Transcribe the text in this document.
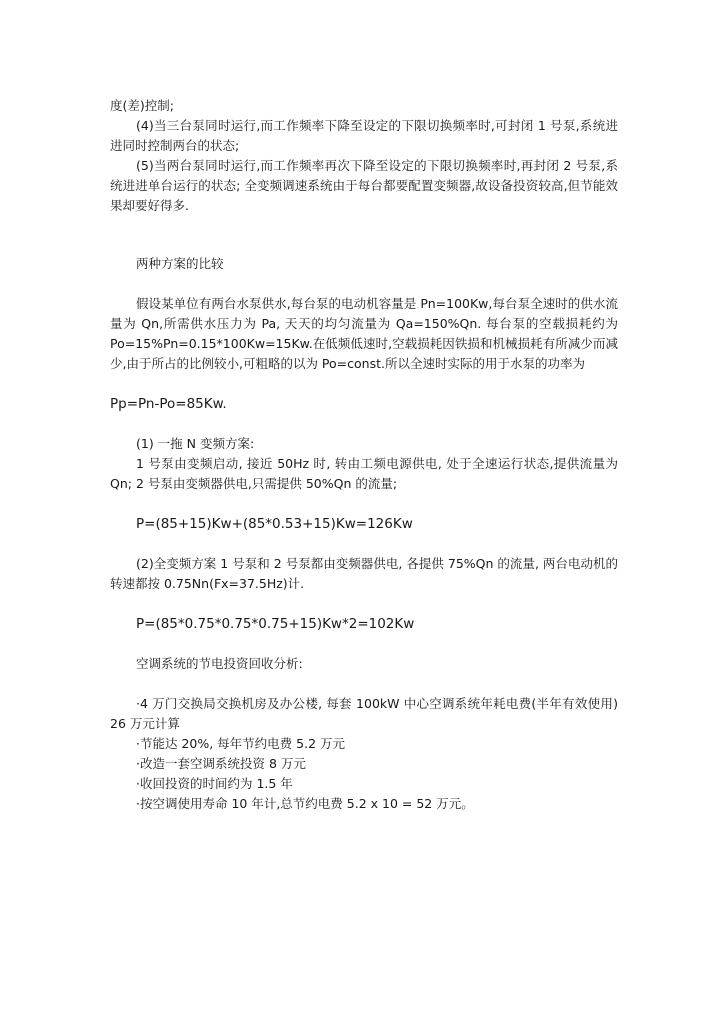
度(差)控制;

(4)当三台泵同时运行,而工作频率下降至设定的下限切换频率时,可封闭 1 号泵,系统进进同时控制两台的状态;

(5)当两台泵同时运行,而工作频率再次下降至设定的下限切换频率时,再封闭 2 号泵,系统进进单台运行的状态; 全变频调速系统由于每台都要配置变频器,故设备投资较高,但节能效果却要好得多.

两种方案的比较

假设某单位有两台水泵供水,每台泵的电动机容量是 Pn=100Kw,每台泵全速时的供水流量为 Qn,所需供水压力为 Pa, 天天的均匀流量为 Qa=150%Qn. 每台泵的空载损耗约为 Po=15%Pn=0.15*100Kw=15Kw.在低频低速时,空载损耗因铁损和机械损耗有所减少而减少,由于所占的比例较小,可粗略的以为 Po=const.所以全速时实际的用于水泵的功率为

Pp=Pn-Po=85Kw.

(1) 一拖 N 变频方案:

1 号泵由变频启动, 接近 50Hz 时, 转由工频电源供电, 处于全速运行状态,提供流量为 Qn; 2 号泵由变频器供电,只需提供 50%Qn 的流量;

P=(85+15)Kw+(85*0.53+15)Kw=126Kw

(2)全变频方案 1 号泵和 2 号泵都由变频器供电, 各提供 75%Qn 的流量, 两台电动机的转速都按 0.75Nn(Fx=37.5Hz)计.

P=(85*0.75*0.75*0.75+15)Kw*2=102Kw

空调系统的节电投资回收分析:

·4 万门交换局交换机房及办公楼, 每套 100kW 中心空调系统年耗电费(半年有效使用) 26 万元计算

·节能达 20%, 每年节约电费 5.2 万元

·改造一套空调系统投资 8 万元

·收回投资的时间约为 1.5 年

·按空调使用寿命 10 年计,总节约电费 5.2 x 10 = 52 万元。
